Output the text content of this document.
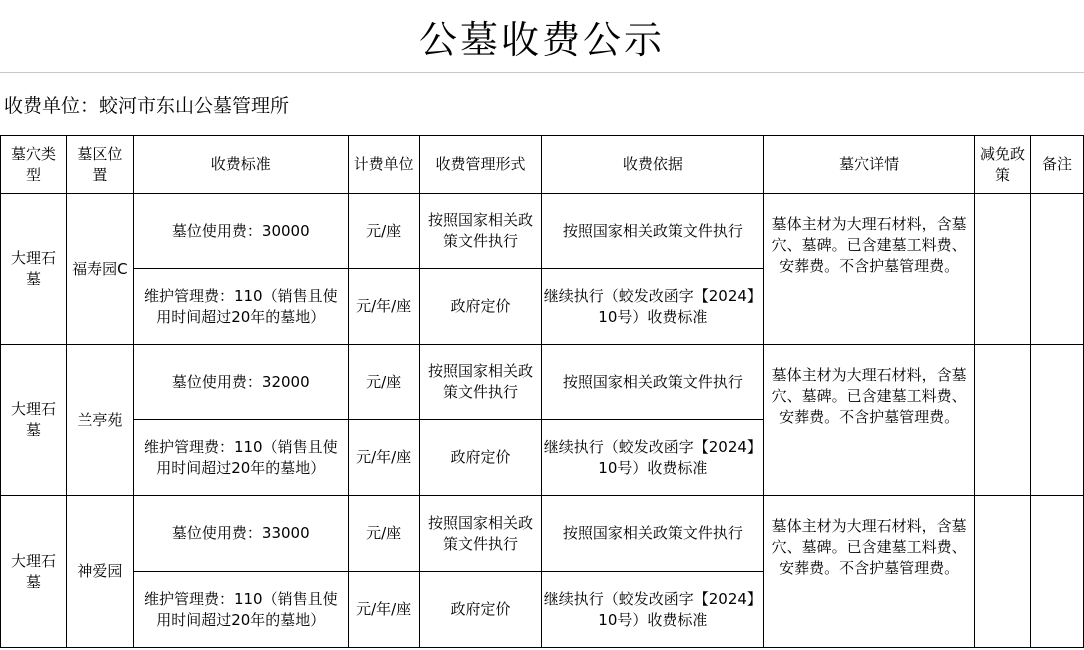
公墓收费公示
收费单位：蛟河市东山公墓管理所
墓穴类型	墓区位置	收费标准	计费单位	收费管理形式	收费依据	墓穴详情	减免政策	备注
大理石墓	福寿园C	墓位使用费：30000	元/座	按照国家相关政策文件执行	按照国家相关政策文件执行	墓体主材为大理石材料，含墓穴、墓碑。已含建墓工料费、安葬费。不含护墓管理费。		
		维护管理费：110（销售且使用时间超过20年的墓地）	元/年/座	政府定价	继续执行（蛟发改函字【2024】10号）收费标准			
大理石墓	兰亭苑	墓位使用费：32000	元/座	按照国家相关政策文件执行	按照国家相关政策文件执行	墓体主材为大理石材料，含墓穴、墓碑。已含建墓工料费、安葬费。不含护墓管理费。		
		维护管理费：110（销售且使用时间超过20年的墓地）	元/年/座	政府定价	继续执行（蛟发改函字【2024】10号）收费标准			
大理石墓	神爱园	墓位使用费：33000	元/座	按照国家相关政策文件执行	按照国家相关政策文件执行	墓体主材为大理石材料，含墓穴、墓碑。已含建墓工料费、安葬费。不含护墓管理费。		
		维护管理费：110（销售且使用时间超过20年的墓地）	元/年/座	政府定价	继续执行（蛟发改函字【2024】10号）收费标准			
